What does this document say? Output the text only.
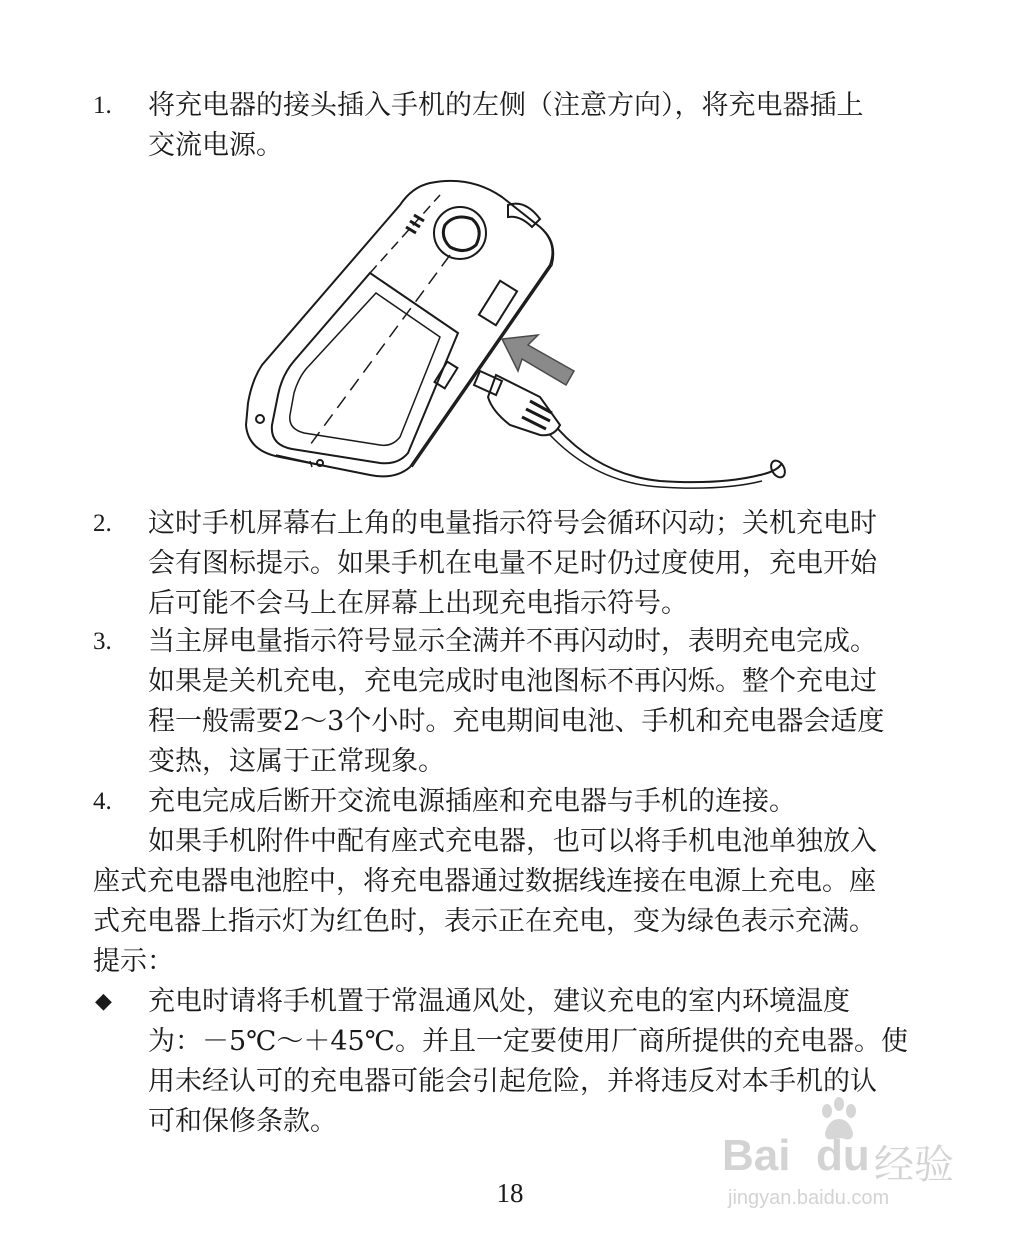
1. 将充电器的接头插入手机的左侧（注意方向），将充电器插上
交流电源。
2. 这时手机屏幕右上角的电量指示符号会循环闪动；关机充电时
会有图标提示。如果手机在电量不足时仍过度使用，充电开始
后可能不会马上在屏幕上出现充电指示符号。
3. 当主屏电量指示符号显示全满并不再闪动时，表明充电完成。
如果是关机充电，充电完成时电池图标不再闪烁。整个充电过
程一般需要2～3个小时。充电期间电池、手机和充电器会适度
变热，这属于正常现象。
4. 充电完成后断开交流电源插座和充电器与手机的连接。
如果手机附件中配有座式充电器，也可以将手机电池单独放入
座式充电器电池腔中，将充电器通过数据线连接在电源上充电。座
式充电器上指示灯为红色时，表示正在充电，变为绿色表示充满。
提示：
◆ 充电时请将手机置于常温通风处，建议充电的室内环境温度
为：－5℃～＋45℃。并且一定要使用厂商所提供的充电器。使
用未经认可的充电器可能会引起危险，并将违反对本手机的认
可和保修条款。
18
Bai du 经验
jingyan.baidu.com
